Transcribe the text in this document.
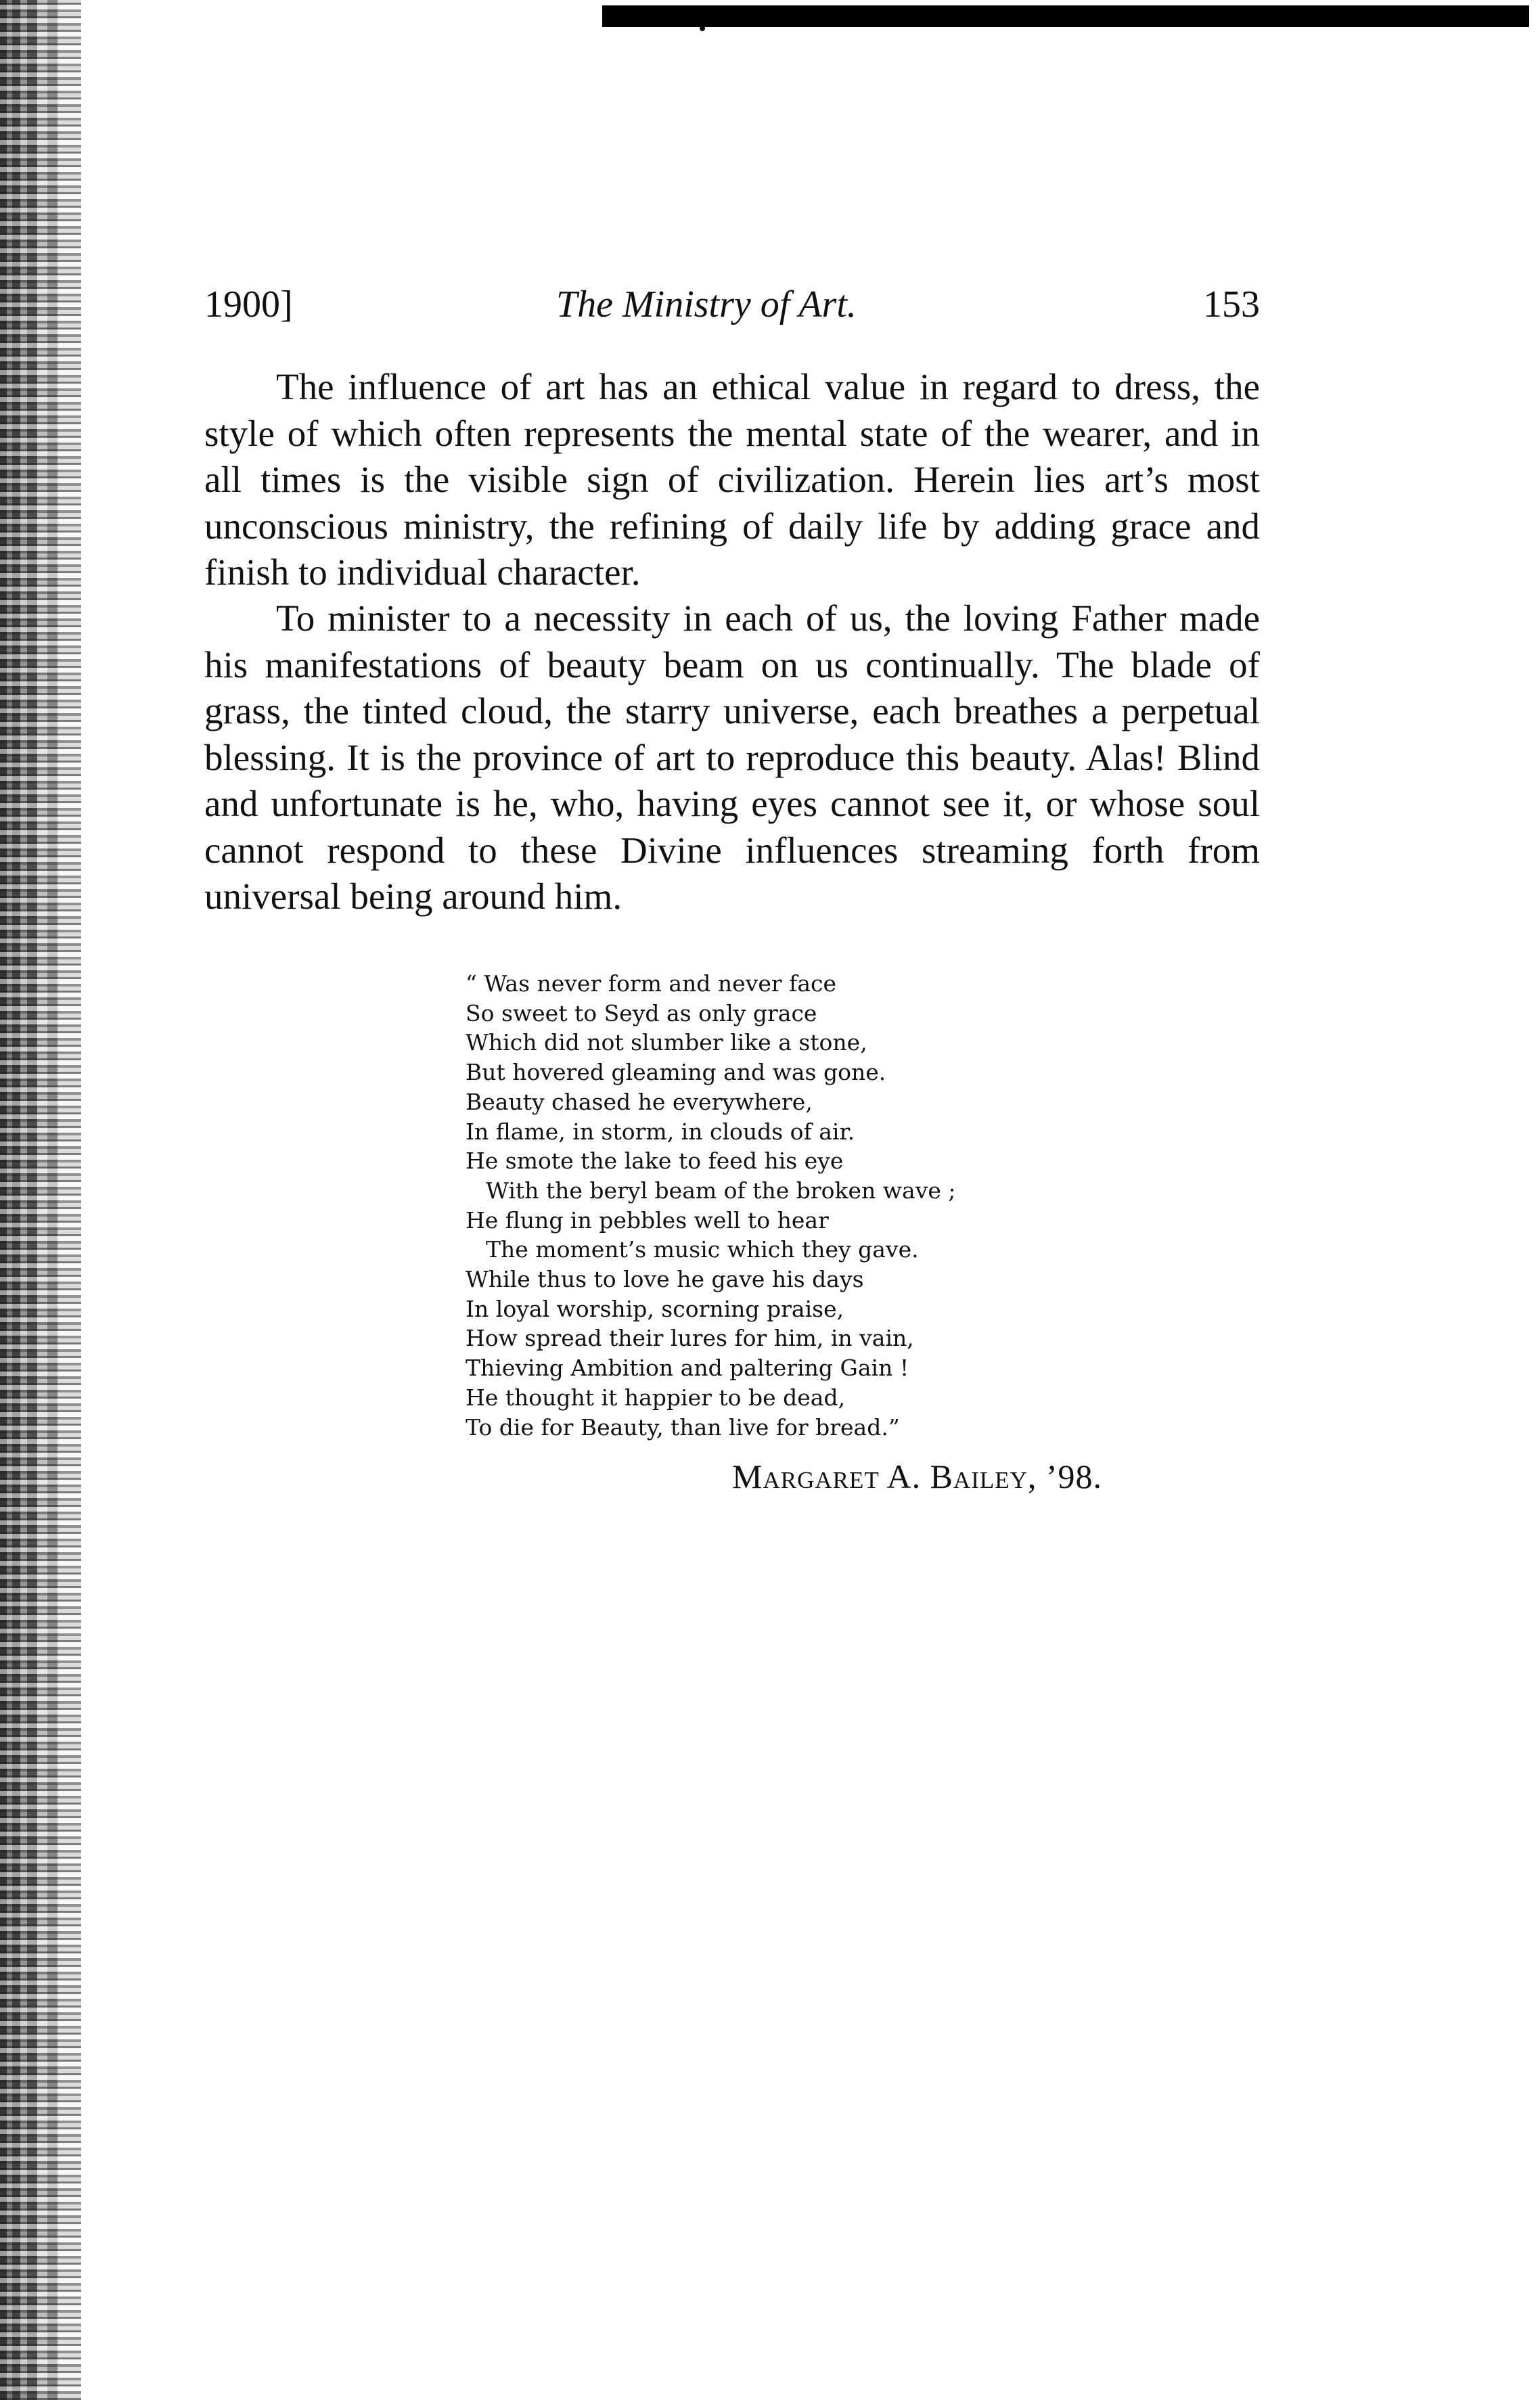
1900]	The Ministry of Art.	153

The influence of art has an ethical value in regard to dress, the style of which often represents the mental state of the wearer, and in all times is the visible sign of civilization. Herein lies art’s most unconscious ministry, the refining of daily life by adding grace and finish to individual character.

To minister to a necessity in each of us, the loving Father made his manifestations of beauty beam on us continually. The blade of grass, the tinted cloud, the starry universe, each breathes a perpetual blessing. It is the province of art to reproduce this beauty. Alas! Blind and unfortunate is he, who, having eyes cannot see it, or whose soul cannot respond to these Divine influences streaming forth from universal being around him.

“ Was never form and never face
So sweet to Seyd as only grace
Which did not slumber like a stone,
But hovered gleaming and was gone.
Beauty chased he everywhere,
In flame, in storm, in clouds of air.
He smote the lake to feed his eye
With the beryl beam of the broken wave ;
He flung in pebbles well to hear
The moment’s music which they gave.
While thus to love he gave his days
In loyal worship, scorning praise,
How spread their lures for him, in vain,
Thieving Ambition and paltering Gain !
He thought it happier to be dead,
To die for Beauty, than live for bread.”
Margaret A. Bailey, ’98.
